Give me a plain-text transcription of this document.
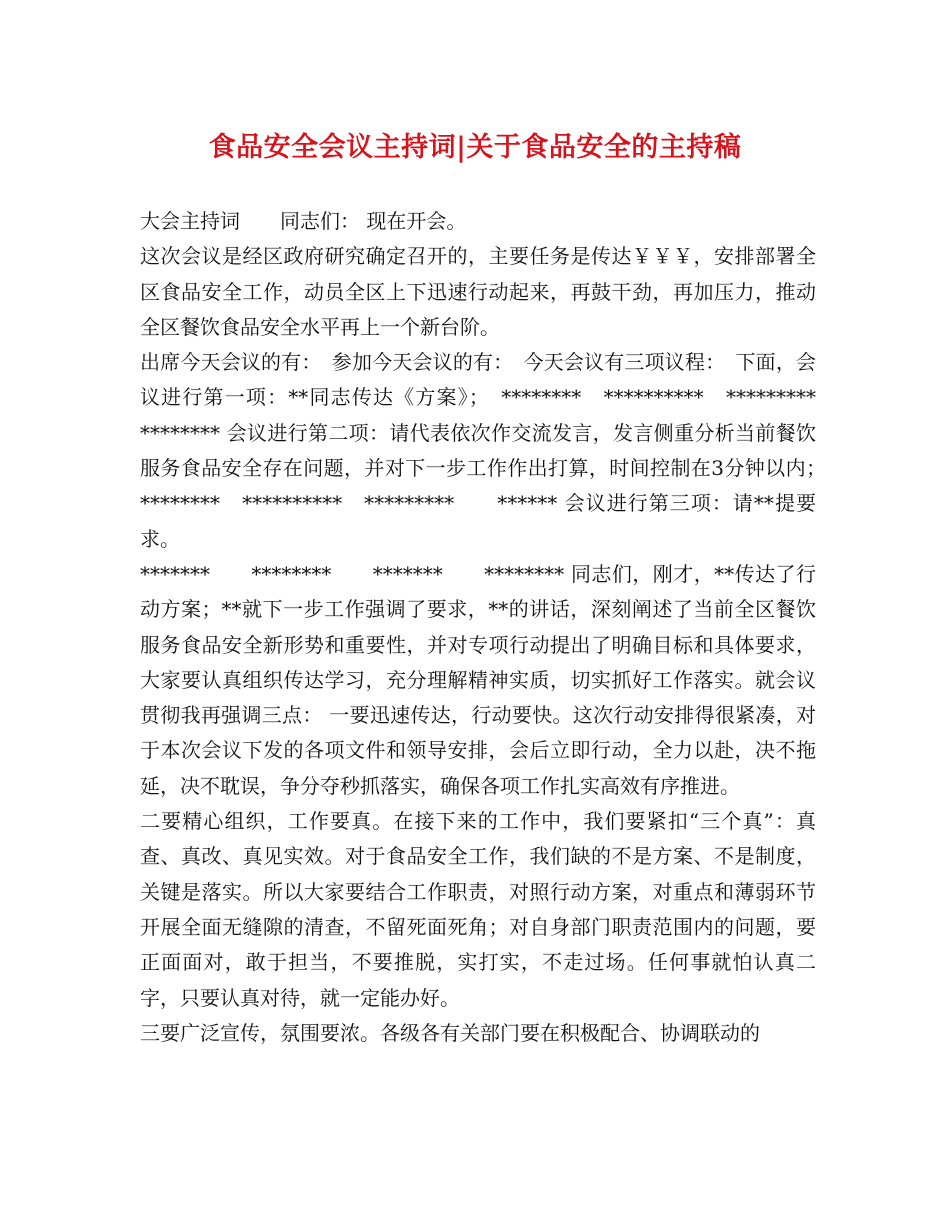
食品安全会议主持词|关于食品安全的主持稿

大会主持词　　同志们： 现在开会。

这次会议是经区政府研究确定召开的，主要任务是传达￥￥￥，安排部署全区食品安全工作，动员全区上下迅速行动起来，再鼓干劲，再加压力，推动全区餐饮食品安全水平再上一个新台阶。

出席今天会议的有：　参加今天会议的有：　今天会议有三项议程：　下面，会议进行第一项：**同志传达《方案》；　********　**********　*********　　******** 会议进行第二项：请代表依次作交流发言，发言侧重分析当前餐饮服务食品安全存在问题，并对下一步工作作出打算，时间控制在3分钟以内；　********　**********　*********　　****** 会议进行第三项：请**提要求。

*******　　********　　*******　　******** 同志们，刚才，**传达了行动方案；**就下一步工作强调了要求，**的讲话，深刻阐述了当前全区餐饮服务食品安全新形势和重要性，并对专项行动提出了明确目标和具体要求，大家要认真组织传达学习，充分理解精神实质，切实抓好工作落实。就会议贯彻我再强调三点： 一要迅速传达，行动要快。这次行动安排得很紧凑，对于本次会议下发的各项文件和领导安排，会后立即行动，全力以赴，决不拖延，决不耽误，争分夺秒抓落实，确保各项工作扎实高效有序推进。

二要精心组织，工作要真。在接下来的工作中，我们要紧扣“三个真”：真查、真改、真见实效。对于食品安全工作，我们缺的不是方案、不是制度，关键是落实。所以大家要结合工作职责，对照行动方案，对重点和薄弱环节开展全面无缝隙的清查，不留死面死角；对自身部门职责范围内的问题，要正面面对，敢于担当，不要推脱，实打实，不走过场。任何事就怕认真二字，只要认真对待，就一定能办好。

三要广泛宣传，氛围要浓。各级各有关部门要在积极配合、协调联动的
